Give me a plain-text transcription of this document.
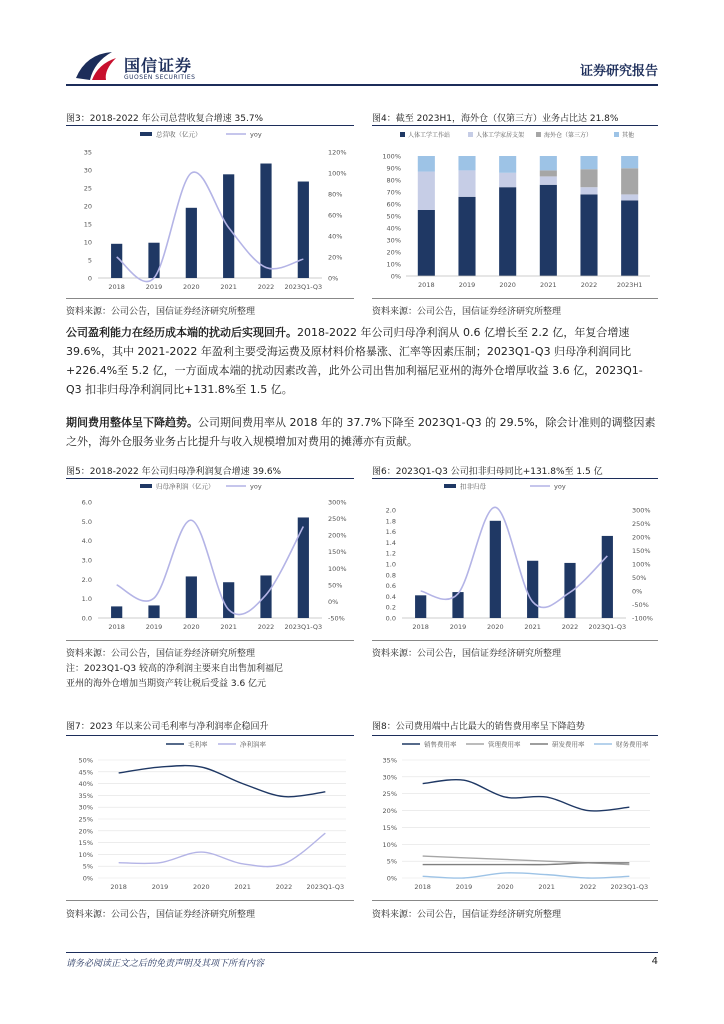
国信证券
GUOSEN SECURITIES	证券研究报告
图3：2018-2022 年公司总营收复合增速 35.7%
0
5
10
15
20
25
30
35
0%
20%
40%
60%
80%
100%
120%
2018	2019	2020	2021	2022 2023Q1-Q3
总营收（亿元）	yoy
资料来源：公司公告，国信证券经济研究所整理
图4：截至 2023H1，海外仓（仅第三方）业务占比达 21.8%
0%
10%
20%
30%
40%
50%
60%
70%
80%
90%
100%
2018	2019	2020	2021	2022	2023H1
人体工学工作站	人体工学家居支架	海外仓（第三方）	其他
资料来源：公司公告，国信证券经济研究所整理
公司盈利能力在经历成本端的扰动后实现回升。2018-2022 年公司归母净利润从 0.6 亿增长至 2.2 亿，年复合增速 39.6%，其中 2021-2022 年盈利主要受海运费及原材料价格暴涨、汇率等因素压制；2023Q1-Q3 归母净利润同比+226.4%至 5.2 亿，一方面成本端的扰动因素改善，此外公司出售加利福尼亚州的海外仓增厚收益 3.6 亿，2023Q1-Q3 扣非归母净利润同比+131.8%至 1.5 亿。
期间费用整体呈下降趋势。公司期间费用率从 2018 年的 37.7%下降至 2023Q1-Q3 的 29.5%，除会计准则的调整因素之外，海外仓服务业务占比提升与收入规模增加对费用的摊薄亦有贡献。
图5：2018-2022 年公司归母净利润复合增速 39.6%
0.0
1.0
2.0
3.0
4.0
5.0
6.0
-50%
0%
50%
100%
150%
200%
250%
300%
2018	2019	2020	2021	2022 2023Q1-Q3
归母净利润（亿元）	yoy
资料来源：公司公告，国信证券经济研究所整理
注：2023Q1-Q3 较高的净利润主要来自出售加利福尼亚州的海外仓增加当期资产转让税后受益 3.6 亿元
图6：2023Q1-Q3 公司扣非归母同比+131.8%至 1.5 亿
0.0
0.2
0.4
0.6
0.8
1.0
1.2
1.4
1.6
1.8
2.0
-100%
-50%
0%
50%
100%
150%
200%
250%
300%
2018	2019	2020	2021	2022 2023Q1-Q3
扣非归母	yoy
资料来源：公司公告，国信证券经济研究所整理
图7：2023 年以来公司毛利率与净利润率企稳回升
0%
5%
10%
15%
20%
25%
30%
35%
40%
45%
50%
2018	2019	2020	2021	2022 2023Q1-Q3
毛利率	净利润率
资料来源：公司公告，国信证券经济研究所整理
图8：公司费用端中占比最大的销售费用率呈下降趋势
0%
5%
10%
15%
20%
25%
30%
35%
2018	2019	2020	2021	2022 2023Q1-Q3
销售费用率	管理费用率	研发费用率	财务费用率
资料来源：公司公告，国信证券经济研究所整理
请务必阅读正文之后的免责声明及其项下所有内容	4
